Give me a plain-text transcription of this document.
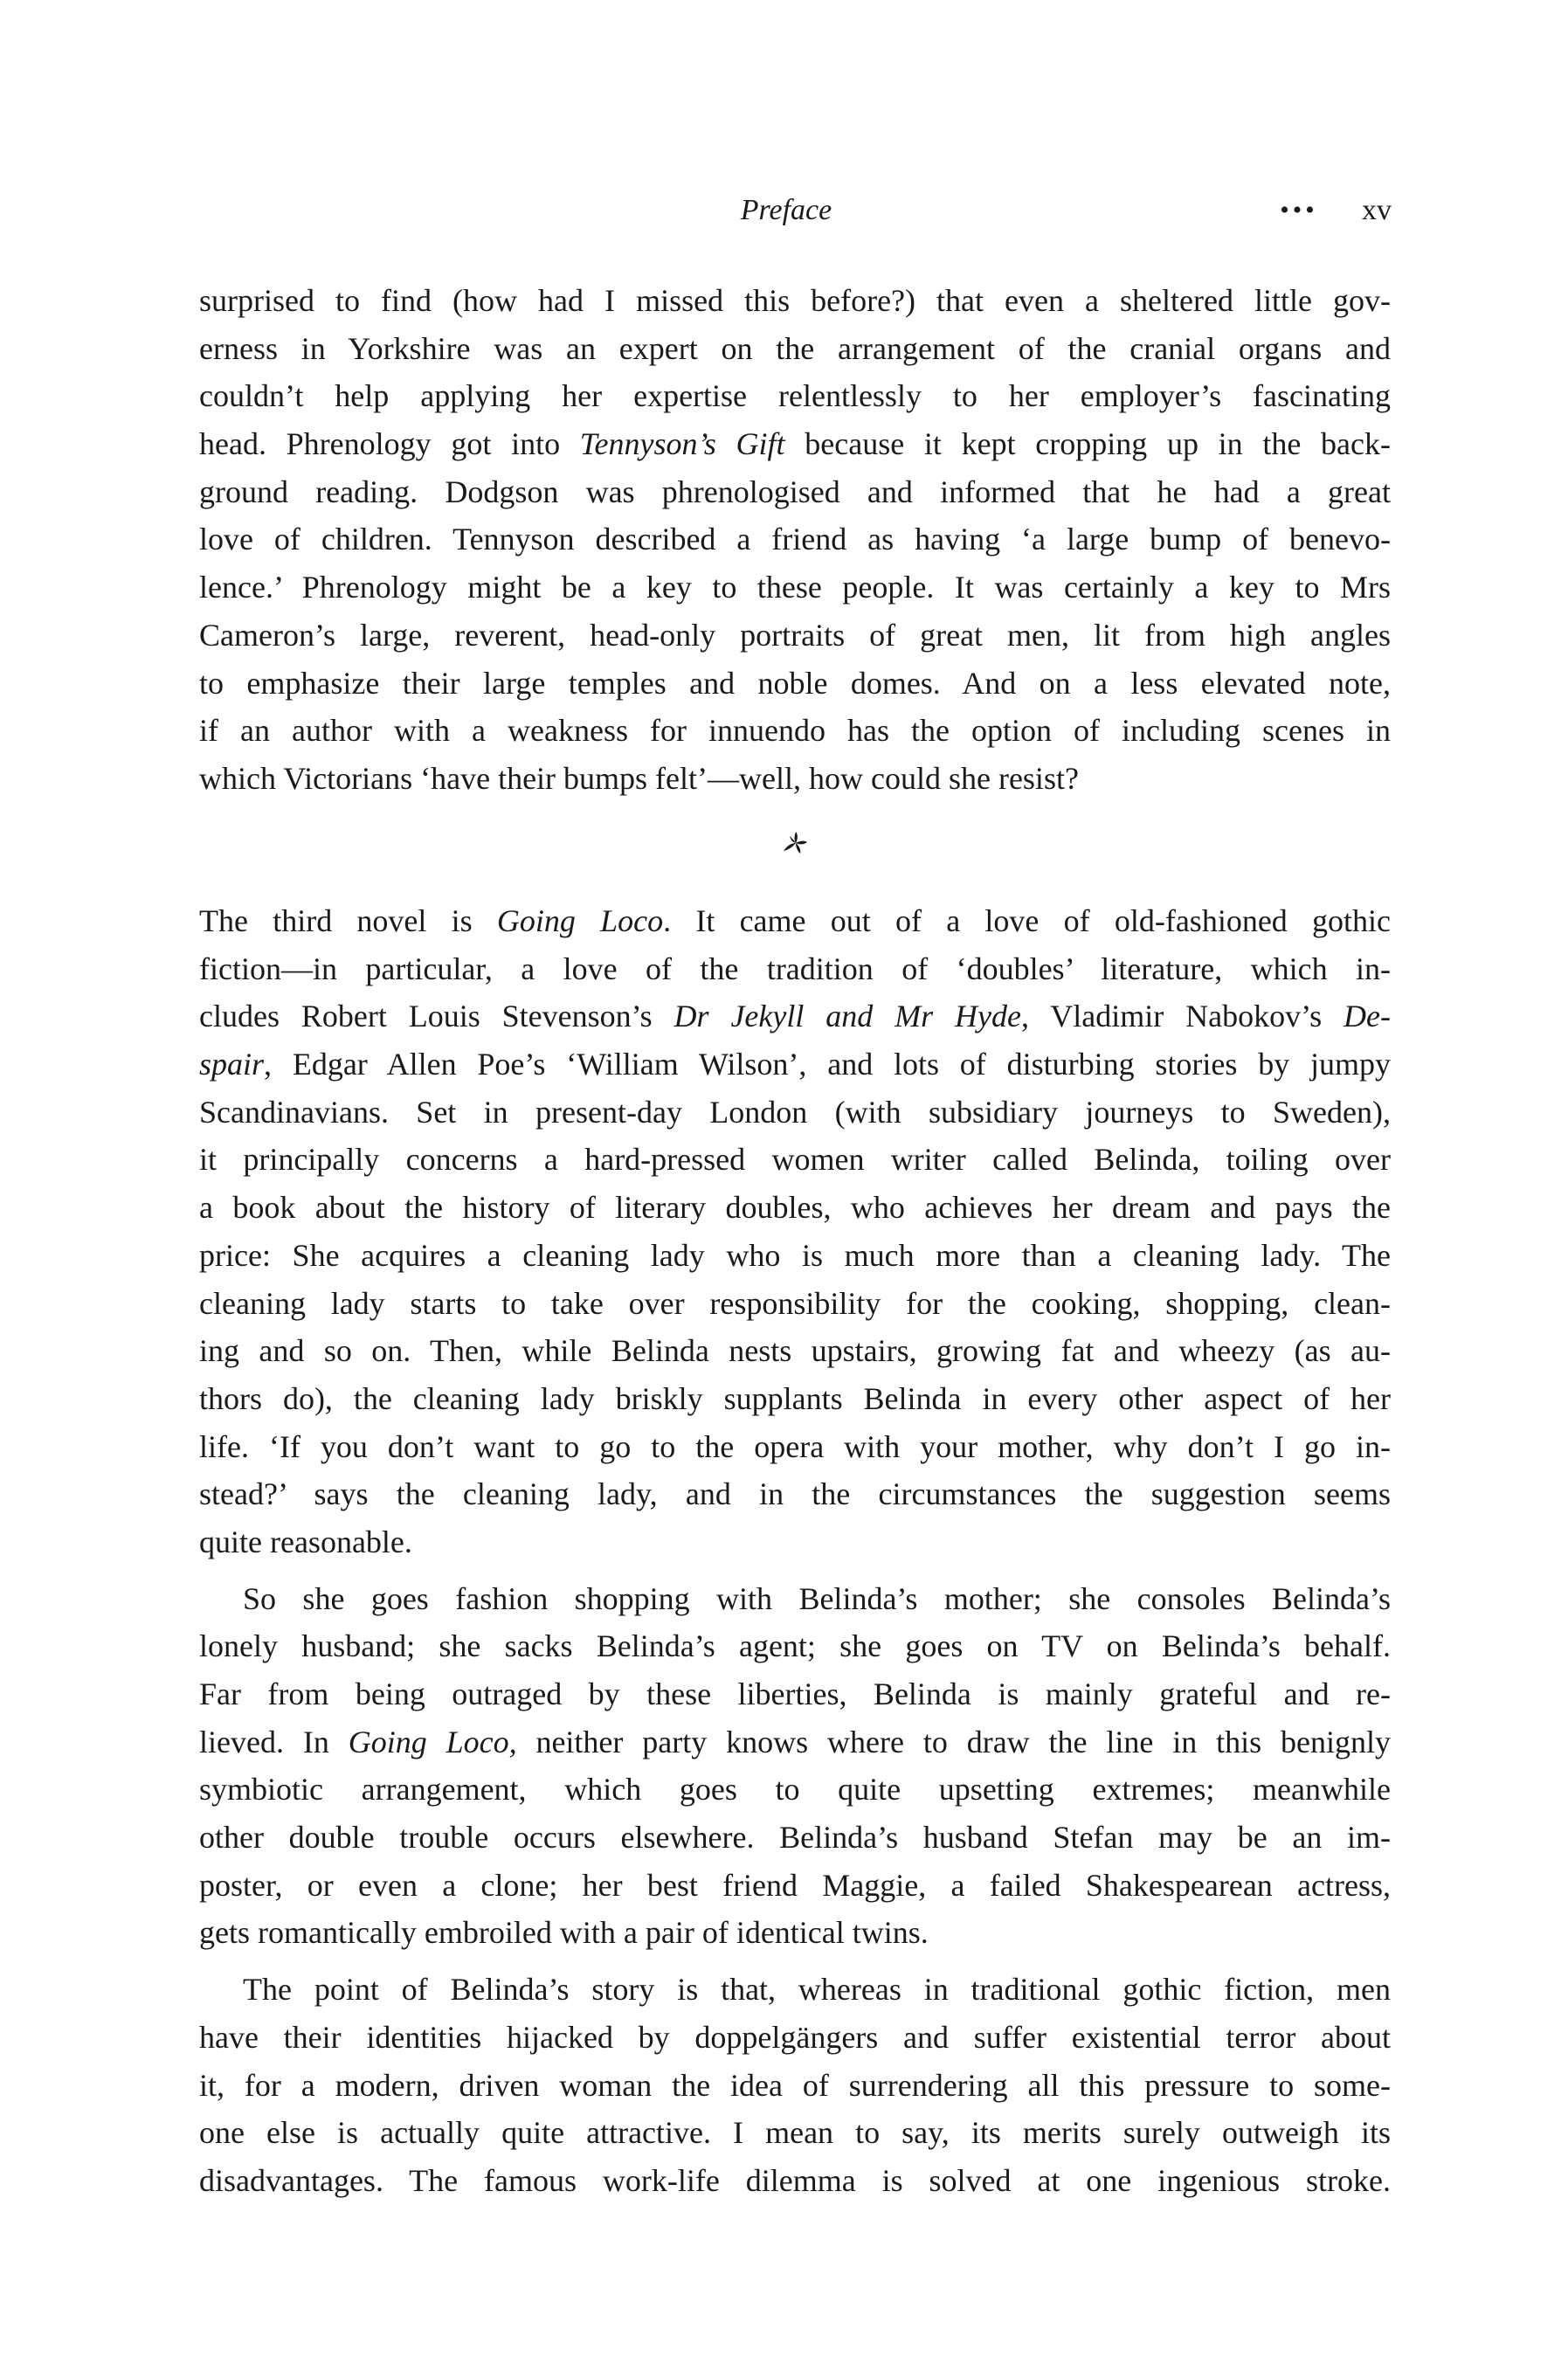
Preface	•••	xv
surprised to find (how had I missed this before?) that even a sheltered little gov-
erness in Yorkshire was an expert on the arrangement of the cranial organs and
couldn’t help applying her expertise relentlessly to her employer’s fascinating
head. Phrenology got into Tennyson’s Gift because it kept cropping up in the back-
ground reading. Dodgson was phrenologised and informed that he had a great
love of children. Tennyson described a friend as having ‘a large bump of benevo-
lence.’ Phrenology might be a key to these people. It was certainly a key to Mrs
Cameron’s large, reverent, head-only portraits of great men, lit from high angles
to emphasize their large temples and noble domes. And on a less elevated note,
if an author with a weakness for innuendo has the option of including scenes in
which Victorians ‘have their bumps felt’—well, how could she resist?
The third novel is Going Loco. It came out of a love of old-fashioned gothic
fiction—in particular, a love of the tradition of ‘doubles’ literature, which in-
cludes Robert Louis Stevenson’s Dr Jekyll and Mr Hyde, Vladimir Nabokov’s De-
spair, Edgar Allen Poe’s ‘William Wilson’, and lots of disturbing stories by jumpy
Scandinavians. Set in present-day London (with subsidiary journeys to Sweden),
it principally concerns a hard-pressed women writer called Belinda, toiling over
a book about the history of literary doubles, who achieves her dream and pays the
price: She acquires a cleaning lady who is much more than a cleaning lady. The
cleaning lady starts to take over responsibility for the cooking, shopping, clean-
ing and so on. Then, while Belinda nests upstairs, growing fat and wheezy (as au-
thors do), the cleaning lady briskly supplants Belinda in every other aspect of her
life. ‘If you don’t want to go to the opera with your mother, why don’t I go in-
stead?’ says the cleaning lady, and in the circumstances the suggestion seems
quite reasonable.
So she goes fashion shopping with Belinda’s mother; she consoles Belinda’s
lonely husband; she sacks Belinda’s agent; she goes on TV on Belinda’s behalf.
Far from being outraged by these liberties, Belinda is mainly grateful and re-
lieved. In Going Loco, neither party knows where to draw the line in this benignly
symbiotic arrangement, which goes to quite upsetting extremes; meanwhile
other double trouble occurs elsewhere. Belinda’s husband Stefan may be an im-
poster, or even a clone; her best friend Maggie, a failed Shakespearean actress,
gets romantically embroiled with a pair of identical twins.
The point of Belinda’s story is that, whereas in traditional gothic fiction, men
have their identities hijacked by doppelgängers and suffer existential terror about
it, for a modern, driven woman the idea of surrendering all this pressure to some-
one else is actually quite attractive. I mean to say, its merits surely outweigh its
disadvantages. The famous work-life dilemma is solved at one ingenious stroke.
